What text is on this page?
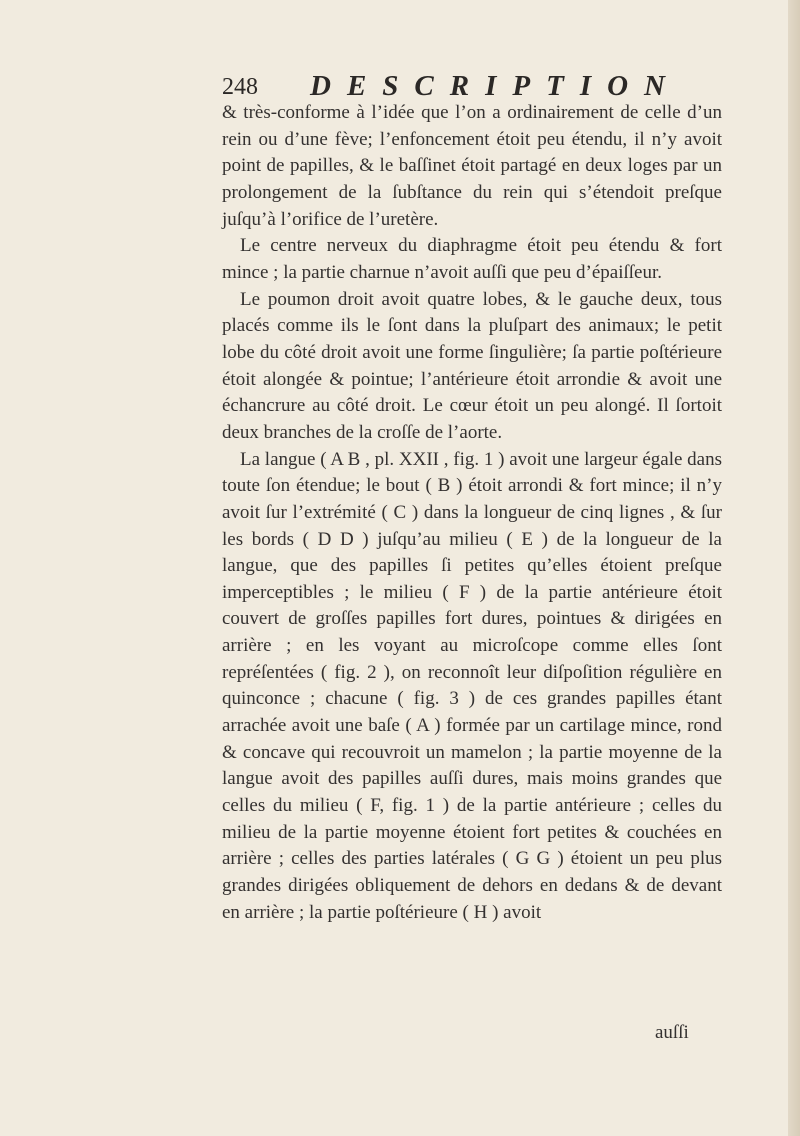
248 DESCRIPTION

& très-conforme à l’idée que l’on a ordinairement de celle d’un rein ou d’une fève; l’enfoncement étoit peu étendu, il n’y avoit point de papilles, & le baſſinet étoit partagé en deux loges par un prolongement de la ſubſtance du rein qui s’étendoit preſque juſqu’à l’orifice de l’uretère.

Le centre nerveux du diaphragme étoit peu étendu & fort mince ; la partie charnue n’avoit auſſi que peu d’épaiſſeur.

Le poumon droit avoit quatre lobes, & le gauche deux, tous placés comme ils le ſont dans la pluſpart des animaux; le petit lobe du côté droit avoit une forme ſingulière; ſa partie poſtérieure étoit alongée & pointue; l’antérieure étoit arrondie & avoit une échancrure au côté droit. Le cœur étoit un peu alongé. Il ſortoit deux branches de la croſſe de l’aorte.

La langue ( A B , pl. XXII , fig. 1 ) avoit une largeur égale dans toute ſon étendue; le bout ( B ) étoit arrondi & fort mince; il n’y avoit ſur l’extrémité ( C ) dans la longueur de cinq lignes , & ſur les bords ( D D ) juſqu’au milieu ( E ) de la longueur de la langue, que des papilles ſi petites qu’elles étoient preſque imperceptibles ; le milieu ( F ) de la partie antérieure étoit couvert de groſſes papilles fort dures, pointues & dirigées en arrière ; en les voyant au microſcope comme elles ſont repréſentées ( fig. 2 ), on reconnoît leur diſpoſition régulière en quinconce ; chacune ( fig. 3 ) de ces grandes papilles étant arrachée avoit une baſe ( A ) formée par un cartilage mince, rond & concave qui recouvroit un mamelon ; la partie moyenne de la langue avoit des papilles auſſi dures, mais moins grandes que celles du milieu ( F, fig. 1 ) de la partie antérieure ; celles du milieu de la partie moyenne étoient fort petites & couchées en arrière ; celles des parties latérales ( G G ) étoient un peu plus grandes dirigées obliquement de dehors en dedans & de devant en arrière ; la partie poſtérieure ( H ) avoit

auſſi
